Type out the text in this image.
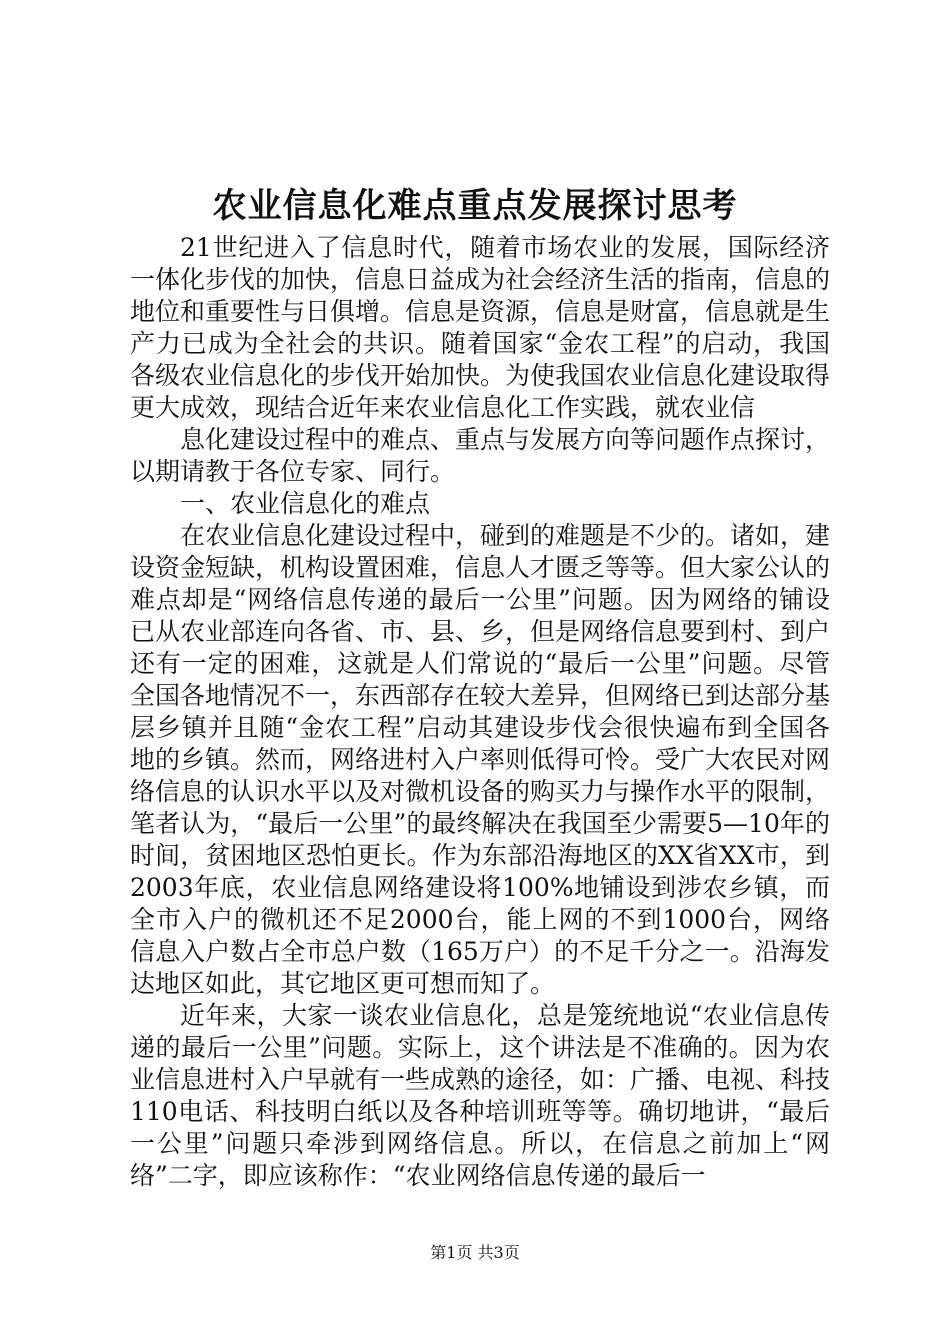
农业信息化难点重点发展探讨思考

21世纪进入了信息时代，随着市场农业的发展，国际经济一体化步伐的加快，信息日益成为社会经济生活的指南，信息的地位和重要性与日俱增。信息是资源，信息是财富，信息就是生产力已成为全社会的共识。随着国家“金农工程”的启动，我国各级农业信息化的步伐开始加快。为使我国农业信息化建设取得更大成效，现结合近年来农业信息化工作实践，就农业信

息化建设过程中的难点、重点与发展方向等问题作点探讨，以期请教于各位专家、同行。

一、农业信息化的难点

在农业信息化建设过程中，碰到的难题是不少的。诸如，建设资金短缺，机构设置困难，信息人才匮乏等等。但大家公认的难点却是“网络信息传递的最后一公里”问题。因为网络的铺设已从农业部连向各省、市、县、乡，但是网络信息要到村、到户还有一定的困难，这就是人们常说的“最后一公里”问题。尽管全国各地情况不一，东西部存在较大差异，但网络已到达部分基层乡镇并且随“金农工程”启动其建设步伐会很快遍布到全国各地的乡镇。然而，网络进村入户率则低得可怜。受广大农民对网络信息的认识水平以及对微机设备的购买力与操作水平的限制，笔者认为，“最后一公里”的最终解决在我国至少需要5—10年的时间，贫困地区恐怕更长。作为东部沿海地区的XX省XX市，到2003年底，农业信息网络建设将100%地铺设到涉农乡镇，而全市入户的微机还不足2000台，能上网的不到1000台，网络信息入户数占全市总户数（165万户）的不足千分之一。沿海发达地区如此，其它地区更可想而知了。

近年来，大家一谈农业信息化，总是笼统地说“农业信息传递的最后一公里”问题。实际上，这个讲法是不准确的。因为农业信息进村入户早就有一些成熟的途径，如：广播、电视、科技110电话、科技明白纸以及各种培训班等等。确切地讲，“最后一公里”问题只牵涉到网络信息。所以，在信息之前加上“网络”二字，即应该称作：“农业网络信息传递的最后一

第1页 共3页
